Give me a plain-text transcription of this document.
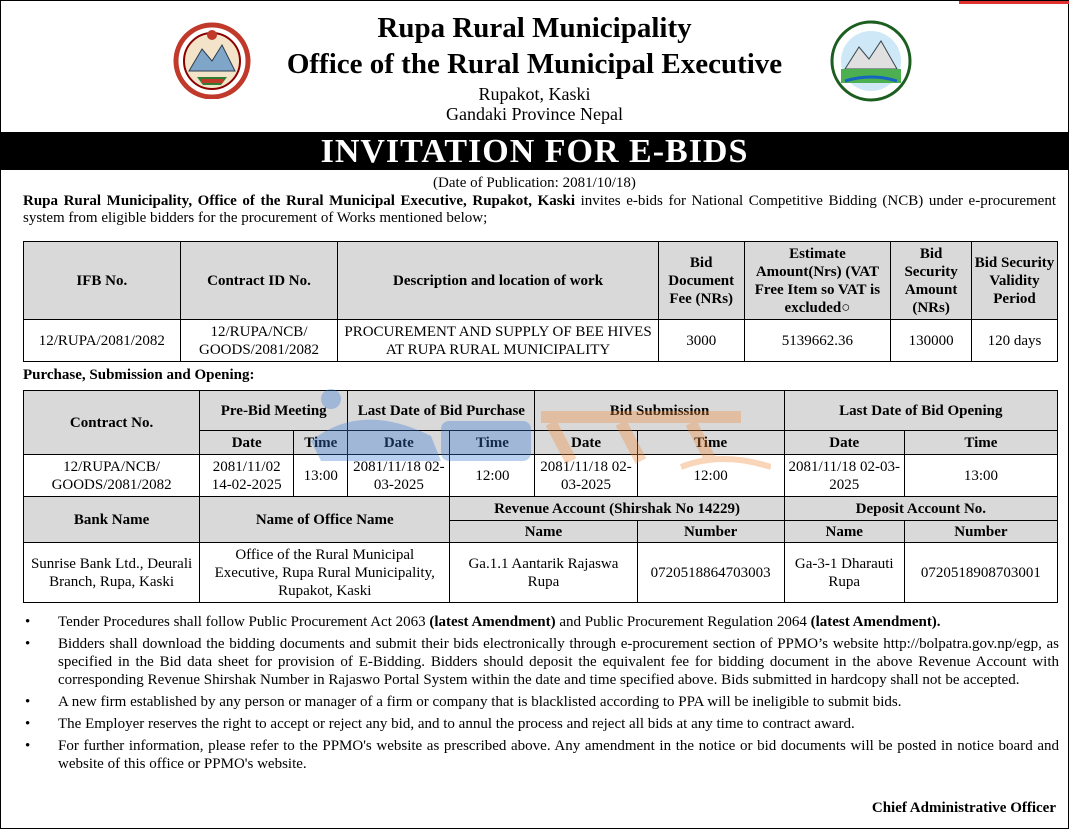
Rupa Rural Municipality
Office of the Rural Municipal Executive
Rupakot, Kaski
Gandaki Province Nepal
INVITATION FOR E-BIDS
(Date of Publication: 2081/10/18)
Rupa Rural Municipality, Office of the Rural Municipal Executive, Rupakot, Kaski invites e-bids for National Competitive Bidding (NCB) under e-procurement system from eligible bidders for the procurement of Works mentioned below;
IFB No.	Contract ID No.	Description and location of work	Bid Document Fee (NRs)	Estimate Amount(Nrs) (VAT Free Item so VAT is excluded○	Bid Security Amount (NRs)	Bid Security Validity Period
12/RUPA/2081/2082	12/RUPA/NCB/ GOODS/2081/2082	PROCUREMENT AND SUPPLY OF BEE HIVES AT RUPA RURAL MUNICIPALITY	3000	5139662.36	130000	120 days
Purchase, Submission and Opening:
Contract No.	Pre-Bid Meeting		Last Date of Bid Purchase		Bid Submission		Last Date of Bid Opening	
	Date	Time	Date	Time	Date	Time	Date	Time
12/RUPA/NCB/ GOODS/2081/2082	2081/11/02 14-02-2025	13:00	2081/11/18 02-03-2025	12:00	2081/11/18 02-03-2025	12:00	2081/11/18 02-03-2025	13:00
Bank Name	Name of Office Name			Revenue Account (Shirshak No 14229)			Deposit Account No.	
				Name		Number	Name	Number
Sunrise Bank Ltd., Deurali Branch, Rupa, Kaski	Office of the Rural Municipal Executive, Rupa Rural Municipality, Rupakot, Kaski			Ga.1.1 Aantarik Rajaswa Rupa		0720518864703003	Ga-3-1 Dharauti Rupa	0720518908703001
• Tender Procedures shall follow Public Procurement Act 2063 (latest Amendment) and Public Procurement Regulation 2064 (latest Amendment).
• Bidders shall download the bidding documents and submit their bids electronically through e-procurement section of PPMO’s website http://bolpatra.gov.np/egp, as specified in the Bid data sheet for provision of E-Bidding. Bidders should deposit the equivalent fee for bidding document in the above Revenue Account with corresponding Revenue Shirshak Number in Rajaswo Portal System within the date and time specified above. Bids submitted in hardcopy shall not be accepted.
• A new firm established by any person or manager of a firm or company that is blacklisted according to PPA will be ineligible to submit bids.
• The Employer reserves the right to accept or reject any bid, and to annul the process and reject all bids at any time to contract award.
• For further information, please refer to the PPMO's website as prescribed above. Any amendment in the notice or bid documents will be posted in notice board and website of this office or PPMO's website.
Chief Administrative Officer
